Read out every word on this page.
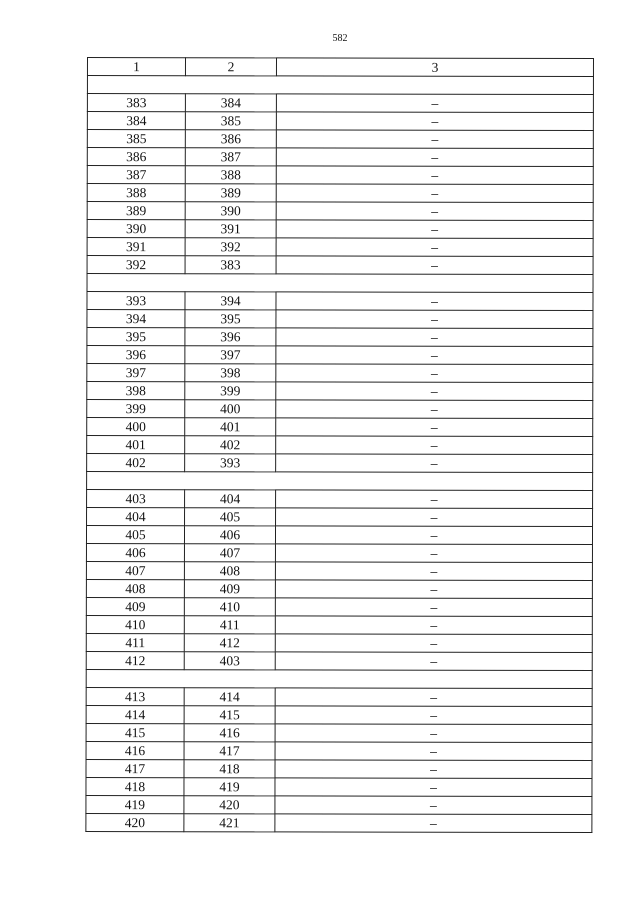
582
1	2	3

383	384	–
384	385	–
385	386	–
386	387	–
387	388	–
388	389	–
389	390	–
390	391	–
391	392	–
392	383	–

393	394	–
394	395	–
395	396	–
396	397	–
397	398	–
398	399	–
399	400	–
400	401	–
401	402	–
402	393	–

403	404	–
404	405	–
405	406	–
406	407	–
407	408	–
408	409	–
409	410	–
410	411	–
411	412	–
412	403	–

413	414	–
414	415	–
415	416	–
416	417	–
417	418	–
418	419	–
419	420	–
420	421	–
